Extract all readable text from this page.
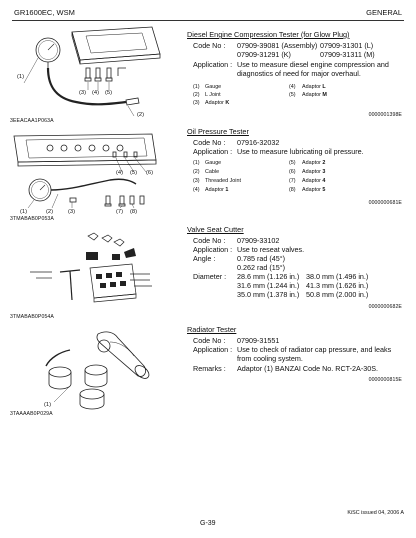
GR1600EC, WSM	GENERAL
(1)
(3) (4) (5)
(2)
3EEACAA1P063A
Diesel Engine Compression Tester (for Glow Plug)
Code No : 07909-39081 (Assembly) 07909-31301 (L)
07909-31291 (K)	07909-31311 (M)
Application : Use to measure diesel engine compression and
diagnostics of need for major overhaul.
(1) Gauge
(2) L Joint
(3) Adaptor K
(4) Adaptor L
(5) Adaptor M
0000001398E
(4) (5) (6)
(1)	(2)	(3)	(7) (8)
3TMABAB0P053A
Oil Pressure Tester
Code No : 07916-32032
Application : Use to measure lubricating oil pressure.
(1) Gauge
(2) Cable
(3) Threaded Joint
(4) Adaptor 1
(5) Adaptor 2
(6) Adaptor 3
(7) Adaptor 4
(8) Adaptor 5
0000000681E
3TMABAB0P054A
Valve Seat Cutter
Code No : 07909-33102
Application : Use to reseat valves.
Angle :	0.785 rad (45°)
0.262 rad (15°)
Diameter : 28.6 mm (1.126 in.) 38.0 mm (1.496 in.)
31.6 mm (1.244 in.) 41.3 mm (1.626 in.)
35.0 mm (1.378 in.) 50.8 mm (2.000 in.)
0000000682E
(1)
3TAAAAB0P029A
Radiator Tester
Code No : 07909-31551
Application : Use to check of radiator cap pressure, and leaks
from cooling system.
Remarks : Adaptor (1) BANZAI Code No. RCT-2A-30S.
0000000815E
KiSC issued 04, 2006 A
G-39
